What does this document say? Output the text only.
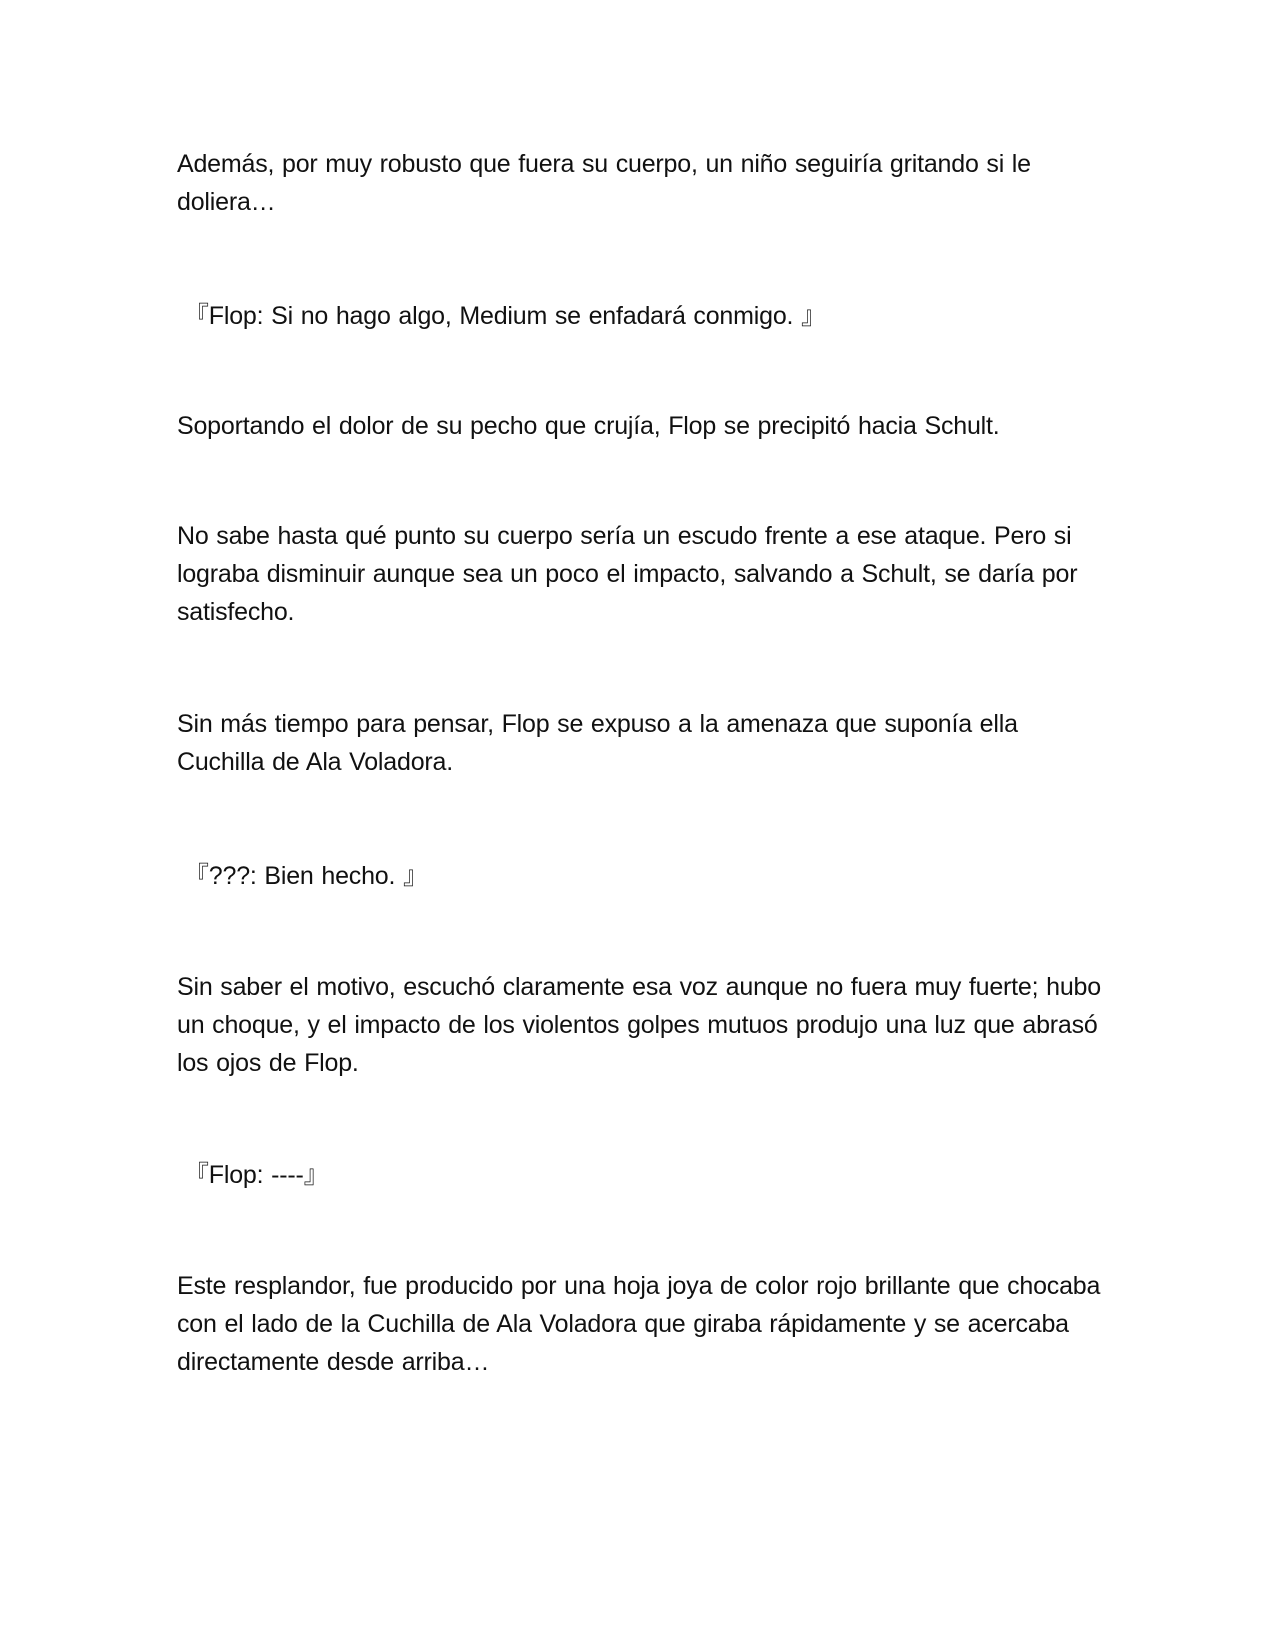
Además, por muy robusto que fuera su cuerpo, un niño seguiría gritando si le doliera…

『Flop: Si no hago algo, Medium se enfadará conmigo. 』

Soportando el dolor de su pecho que crujía, Flop se precipitó hacia Schult.

No sabe hasta qué punto su cuerpo sería un escudo frente a ese ataque. Pero si lograba disminuir aunque sea un poco el impacto, salvando a Schult, se daría por satisfecho.

Sin más tiempo para pensar, Flop se expuso a la amenaza que suponía ella Cuchilla de Ala Voladora.

『???: Bien hecho. 』

Sin saber el motivo, escuchó claramente esa voz aunque no fuera muy fuerte; hubo un choque, y el impacto de los violentos golpes mutuos produjo una luz que abrasó los ojos de Flop.

『Flop: ----』

Este resplandor, fue producido por una hoja joya de color rojo brillante que chocaba con el lado de la Cuchilla de Ala Voladora que giraba rápidamente y se acercaba directamente desde arriba…
